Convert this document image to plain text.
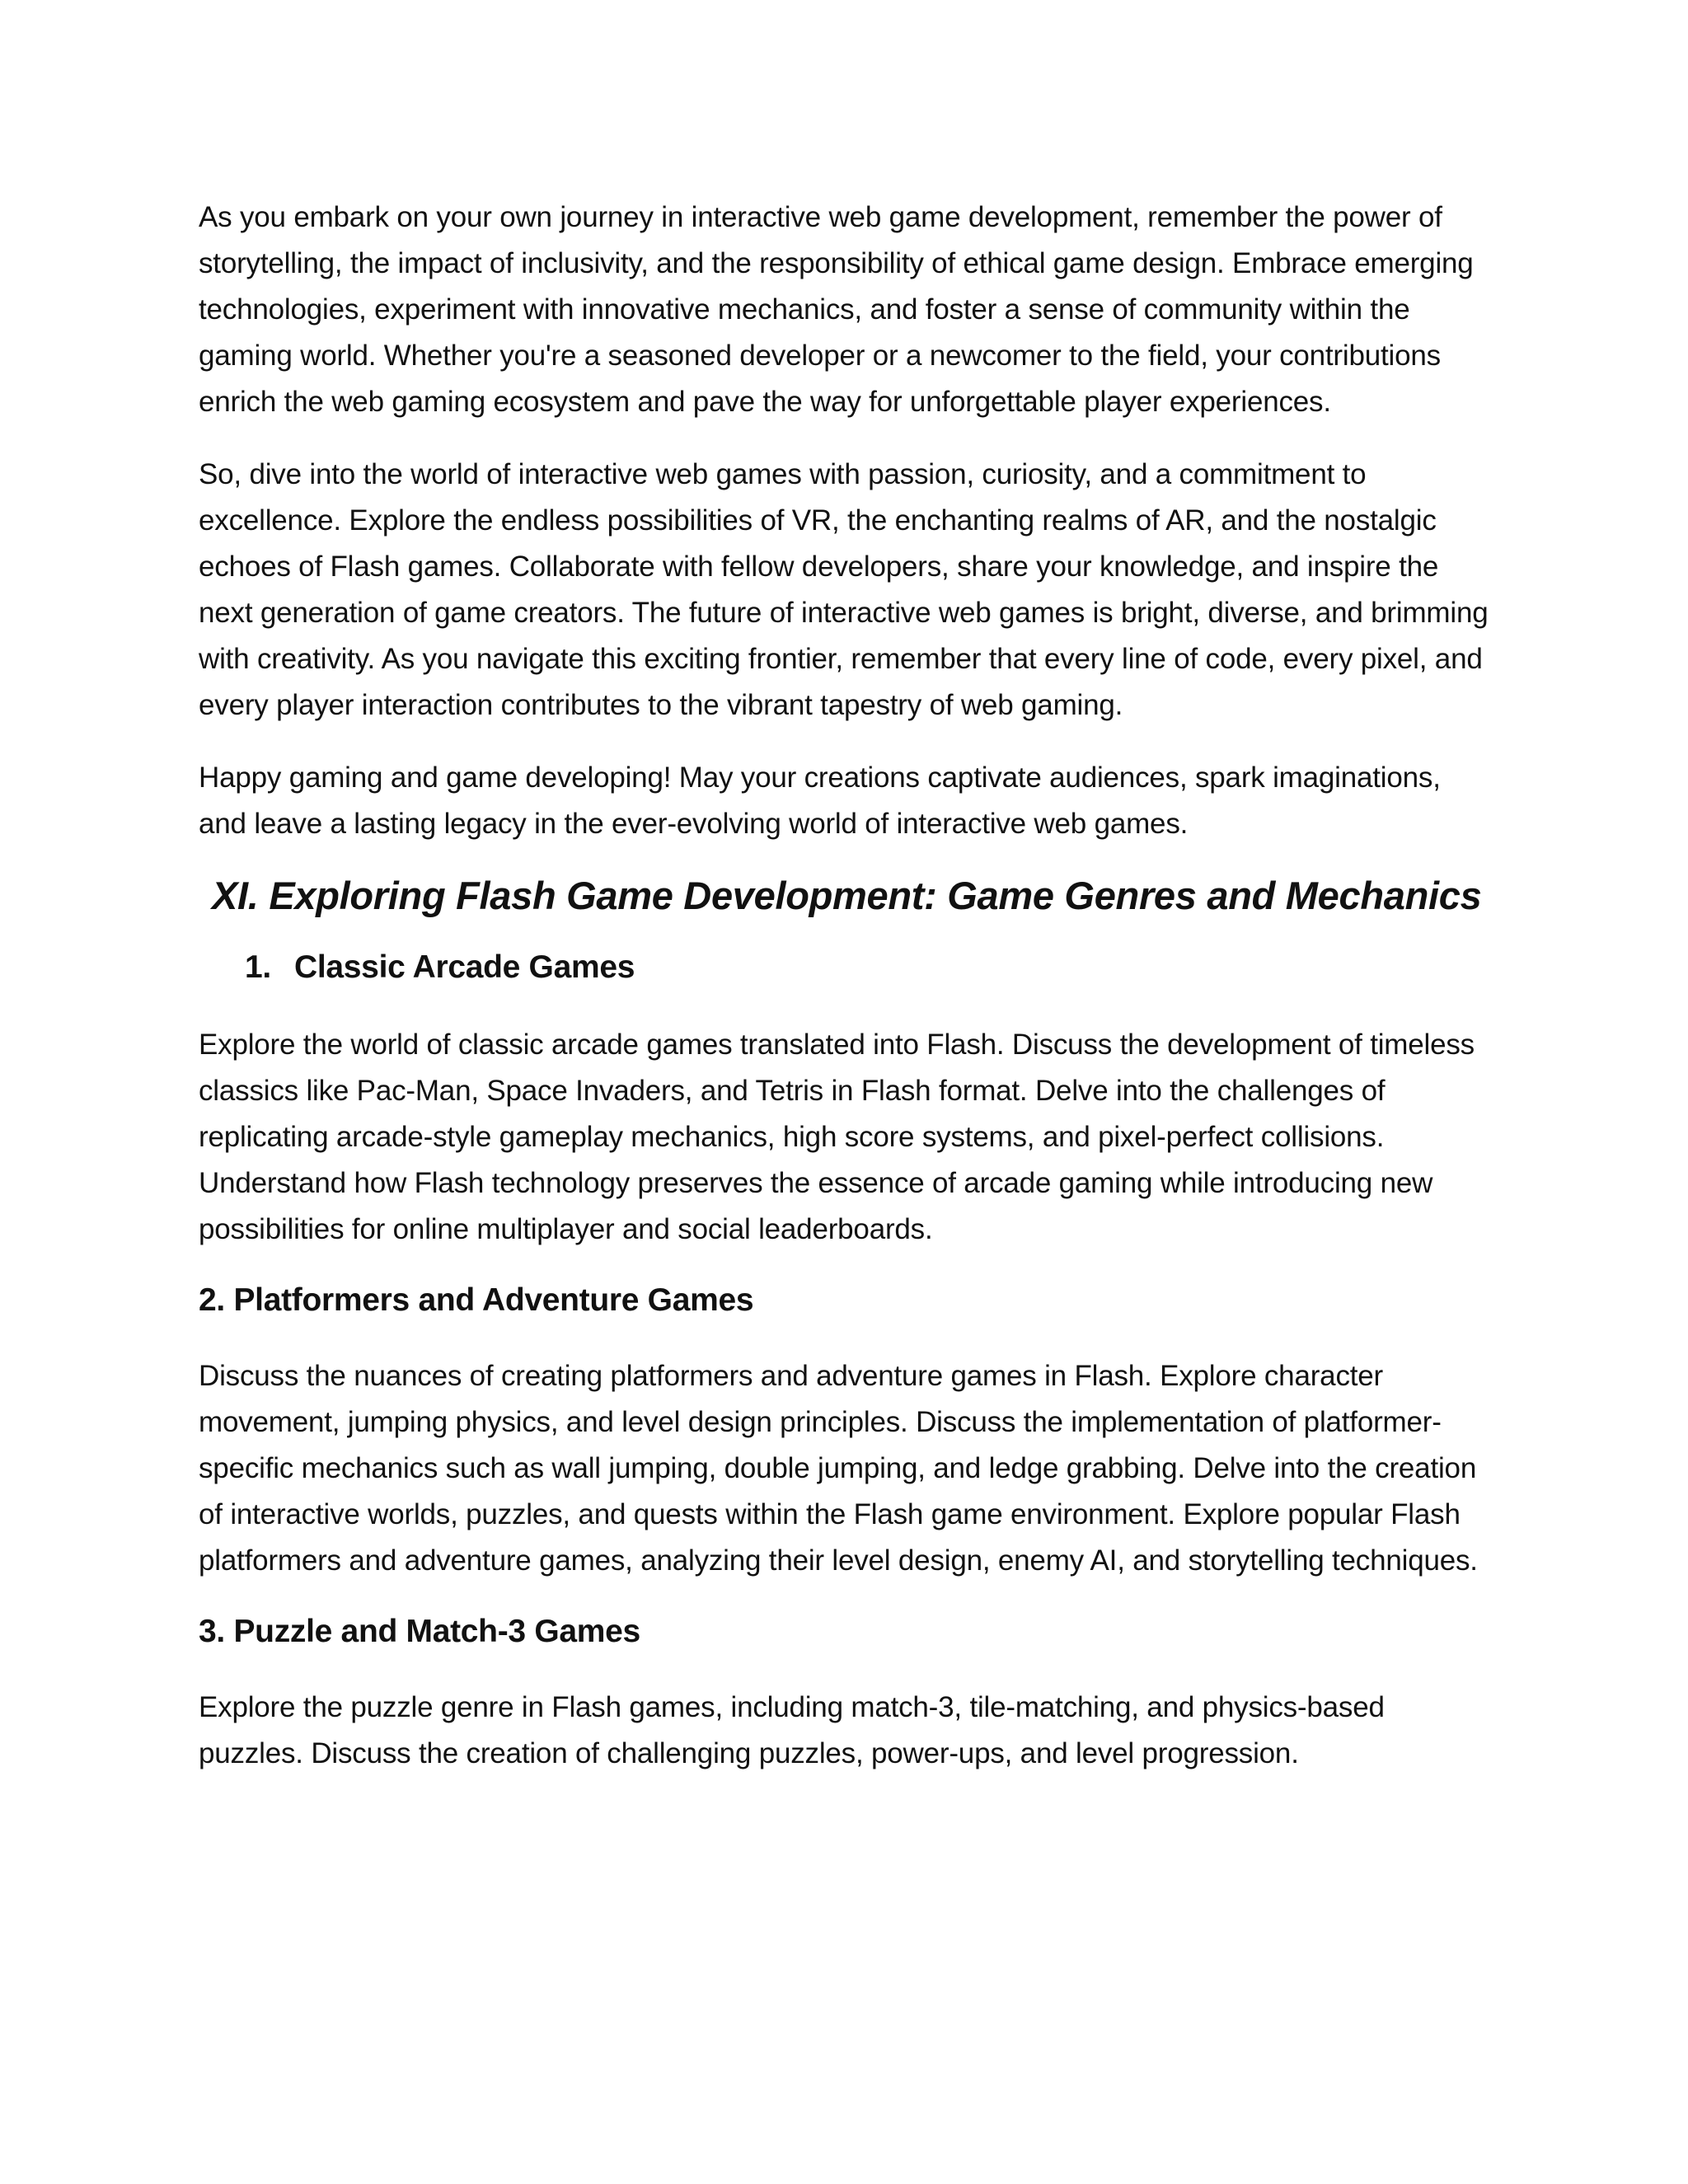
As you embark on your own journey in interactive web game development, remember the power of storytelling, the impact of inclusivity, and the responsibility of ethical game design. Embrace emerging technologies, experiment with innovative mechanics, and foster a sense of community within the gaming world. Whether you're a seasoned developer or a newcomer to the field, your contributions enrich the web gaming ecosystem and pave the way for unforgettable player experiences.

So, dive into the world of interactive web games with passion, curiosity, and a commitment to excellence. Explore the endless possibilities of VR, the enchanting realms of AR, and the nostalgic echoes of Flash games. Collaborate with fellow developers, share your knowledge, and inspire the next generation of game creators. The future of interactive web games is bright, diverse, and brimming with creativity. As you navigate this exciting frontier, remember that every line of code, every pixel, and every player interaction contributes to the vibrant tapestry of web gaming.

Happy gaming and game developing! May your creations captivate audiences, spark imaginations, and leave a lasting legacy in the ever-evolving world of interactive web games.

XI. Exploring Flash Game Development: Game Genres and Mechanics
1. Classic Arcade Games

Explore the world of classic arcade games translated into Flash. Discuss the development of timeless classics like Pac-Man, Space Invaders, and Tetris in Flash format. Delve into the challenges of replicating arcade-style gameplay mechanics, high score systems, and pixel-perfect collisions. Understand how Flash technology preserves the essence of arcade gaming while introducing new possibilities for online multiplayer and social leaderboards.

2. Platformers and Adventure Games

Discuss the nuances of creating platformers and adventure games in Flash. Explore character movement, jumping physics, and level design principles. Discuss the implementation of platformer-specific mechanics such as wall jumping, double jumping, and ledge grabbing. Delve into the creation of interactive worlds, puzzles, and quests within the Flash game environment. Explore popular Flash platformers and adventure games, analyzing their level design, enemy AI, and storytelling techniques.

3. Puzzle and Match-3 Games

Explore the puzzle genre in Flash games, including match-3, tile-matching, and physics-based puzzles. Discuss the creation of challenging puzzles, power-ups, and level progression.
